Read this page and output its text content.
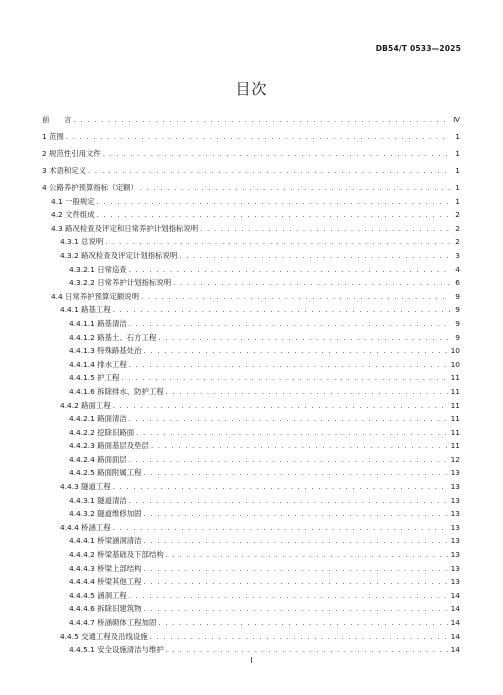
DB54/T 0533—2025
目次
前　　言 . . .	Ⅳ
1 范围 . . .	1
2 规范性引用文件 . . .	1
3 术语和定义 . . .	1
4 公路养护预算指标（定额） . . .	1
4.1 一般规定 . . .	1
4.2 文件组成 . . .	2
4.3 路况检查及评定和日常养护计划指标说明 . . .	2
4.3.1 总说明 . . .	2
4.3.2 路况检查及评定计划指标说明 . . .	3
4.3.2.1 日常巡查 . . .	4
4.3.2.2 日常养护计划指标说明 . . .	6
4.4 日常养护预算定额说明 . . .	9
4.4.1 路基工程 . . .	9
4.4.1.1 路基清洁 . . .	9
4.4.1.2 路基土、石方工程 . . .	9
4.4.1.3 特殊路基处治 . . .	10
4.4.1.4 排水工程 . . .	10
4.4.1.5 护工程 . . .	11
4.4.1.6 拆除排水、防护工程 . . .	11
4.4.2 路面工程 . . .	11
4.4.2.1 路面清洁 . . .	11
4.4.2.2 挖除旧路面 . . .	11
4.4.2.3 路面基层及垫层 . . .	11
4.4.2.4 路面面层 . . .	12
4.4.2.5 路面附属工程 . . .	13
4.4.3 隧道工程 . . .	13
4.4.3.1 隧道清洁 . . .	13
4.4.3.2 隧道维修加固 . . .	13
4.4.4 桥涵工程 . . .	13
4.4.4.1 桥梁涵洞清洁 . . .	13
4.4.4.2 桥梁基础及下部结构 . . .	13
4.4.4.3 桥梁上部结构 . . .	13
4.4.4.4 桥梁其他工程 . . .	13
4.4.4.5 涵洞工程 . . .	14
4.4.4.6 拆除旧建筑物 . . .	14
4.4.4.7 桥涵砌体工程加固 . . .	14
4.4.5 交通工程及沿线设施 . . .	14
4.4.5.1 安全设施清洁与维护 . . .	14
I
